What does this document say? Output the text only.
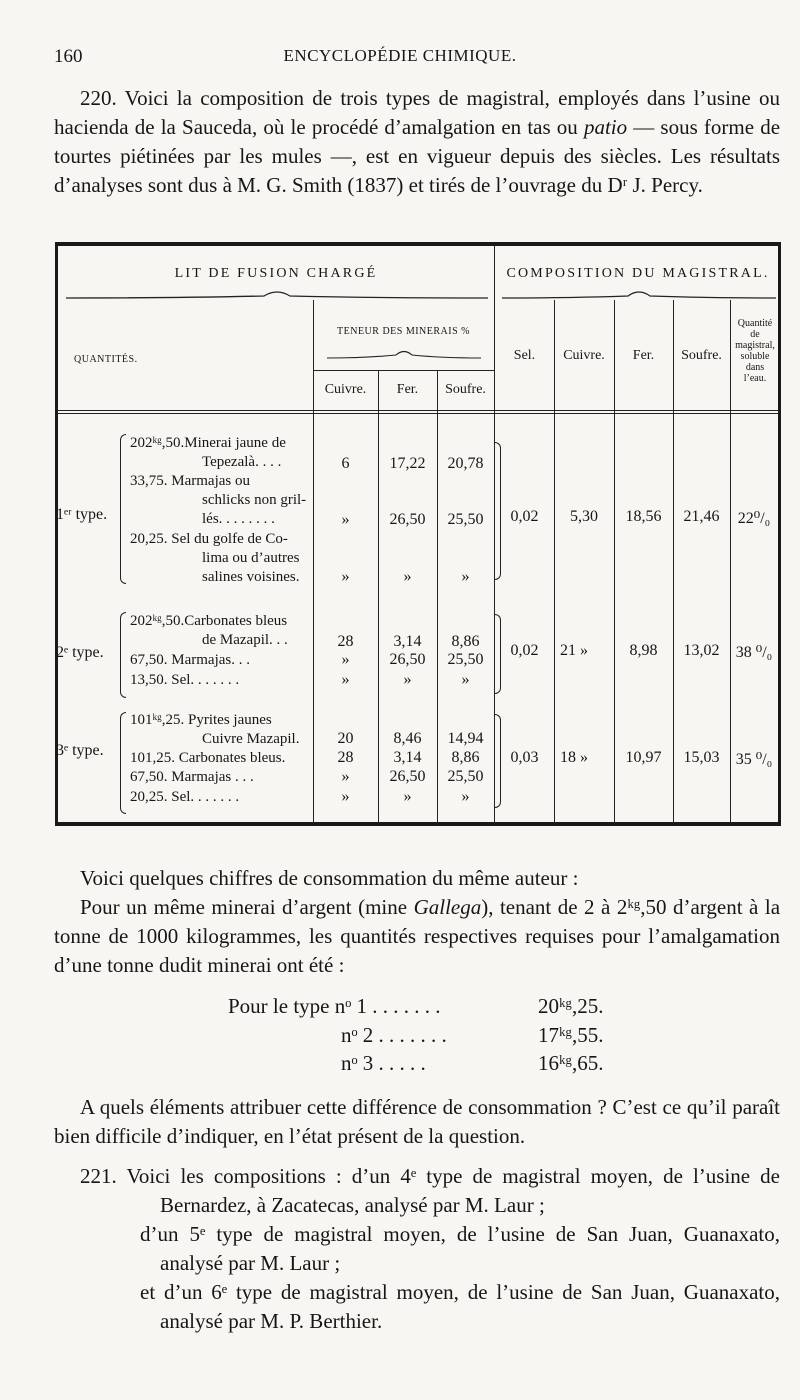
160	ENCYCLOPÉDIE CHIMIQUE.
220. Voici la composition de trois types de magistral, employés dans l’usine ou hacienda de la Sauceda, où le procédé d’amalgation en tas ou patio — sous forme de tourtes piétinées par les mules —, est en vigueur depuis des siècles. Les résultats d’analyses sont dus à M. G. Smith (1837) et tirés de l’ouvrage du Dʳ J. Percy.
LIT DE FUSION CHARGÉ	COMPOSITION DU MAGISTRAL.
QUANTITÉS.
TENEUR DES MINERAIS %
Cuivre.	Fer.	Soufre.
Sel.	Cuivre.	Fer.	Soufre.
Quantité
de
magistral,
soluble
dans
l’eau.
1ᵉʳ type.
202ᵏᵍ,50.Minerai jaune de
Tepezalà. . . .	6	17,22	20,78
33,75. Marmajas ou
schlicks non gril-
lés. . . . . . . .	»	26,50	25,50
20,25. Sel du golfe de Co-
lima ou d’autres
salines voisines.	»	»	»
0,02	5,30	18,56	21,46	22⁰/₀
2ᵉ type.
202ᵏᵍ,50.Carbonates bleus
de Mazapil. . .	28	3,14	8,86
67,50. Marmajas. . .	»	26,50	25,50
13,50. Sel. . . . . . .	»	»	»
0,02	21 »	8,98	13,02	38 ⁰/₀
3ᵉ type.
101ᵏᵍ,25. Pyrites jaunes
Cuivre Mazapil.	20	8,46	14,94
101,25. Carbonates bleus.	28	3,14	8,86
67,50. Marmajas . . .	»	26,50	25,50
20,25. Sel. . . . . . .	»	»	»
0,03	18 »	10,97	15,03	35 ⁰/₀
Voici quelques chiffres de consommation du même auteur :
Pour un même minerai d’argent (mine Gallega), tenant de 2 à 2ᵏᵍ,50 d’argent à la tonne de 1000 kilogrammes, les quantités respectives requises pour l’amalgamation d’une tonne dudit minerai ont été :
Pour le type nᵒ 1 . . . . . . .	20ᵏᵍ,25.
nᵒ 2 . . . . . . .	17ᵏᵍ,55.
nᵒ 3 . . . . .	16ᵏᵍ,65.
A quels éléments attribuer cette différence de consommation ? C’est ce qu’il paraît bien difficile d’indiquer, en l’état présent de la question.
221. Voici les compositions : d’un 4ᵉ type de magistral moyen, de l’usine de Bernardez, à Zacatecas, analysé par M. Laur ;
d’un 5ᵉ type de magistral moyen, de l’usine de San Juan, Guanaxato, analysé par M. Laur ;
et d’un 6ᵉ type de magistral moyen, de l’usine de San Juan, Guanaxato, analysé par M. P. Berthier.
